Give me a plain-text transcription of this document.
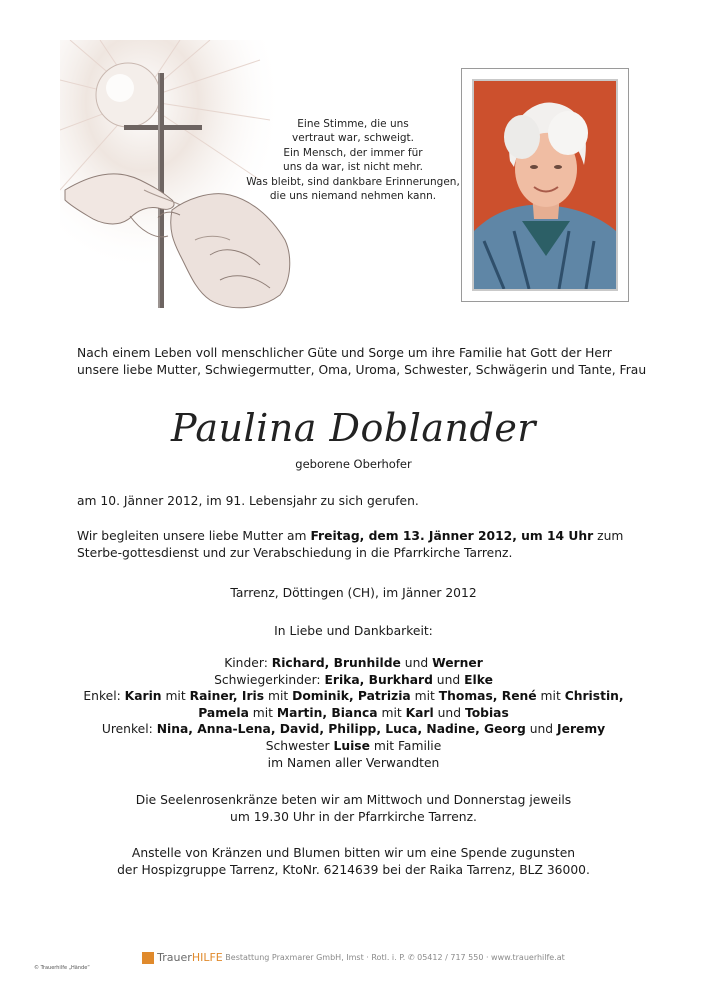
Eine Stimme, die uns
vertraut war, schweigt.
Ein Mensch, der immer für
uns da war, ist nicht mehr.
Was bleibt, sind dankbare Erinnerungen,
die uns niemand nehmen kann.
Nach einem Leben voll menschlicher Güte und Sorge um ihre Familie hat Gott der Herr unsere liebe Mutter, Schwiegermutter, Oma, Uroma, Schwester, Schwägerin und Tante, Frau
Paulina Doblander
geborene Oberhofer
am 10. Jänner 2012, im 91. Lebensjahr zu sich gerufen.
Wir begleiten unsere liebe Mutter am Freitag, dem 13. Jänner 2012, um 14 Uhr zum Sterbe-gottesdienst und zur Verabschiedung in die Pfarrkirche Tarrenz.
Tarrenz, Döttingen (CH), im Jänner 2012
In Liebe und Dankbarkeit:
Kinder: Richard, Brunhilde und Werner
Schwiegerkinder: Erika, Burkhard und Elke
Enkel: Karin mit Rainer, Iris mit Dominik, Patrizia mit Thomas, René mit Christin,
Pamela mit Martin, Bianca mit Karl und Tobias
Urenkel: Nina, Anna-Lena, David, Philipp, Luca, Nadine, Georg und Jeremy
Schwester Luise mit Familie
im Namen aller Verwandten
Die Seelenrosenkränze beten wir am Mittwoch und Donnerstag jeweils
um 19.30 Uhr in der Pfarrkirche Tarrenz.
Anstelle von Kränzen und Blumen bitten wir um eine Spende zugunsten
der Hospizgruppe Tarrenz, KtoNr. 6214639 bei der Raika Tarrenz, BLZ 36000.
TrauerHILFE Bestattung Praxmarer GmbH, Imst · Rotl. i. P. ✆ 05412 / 717 550 · www.trauerhilfe.at
© Trauerhilfe „Hände“
